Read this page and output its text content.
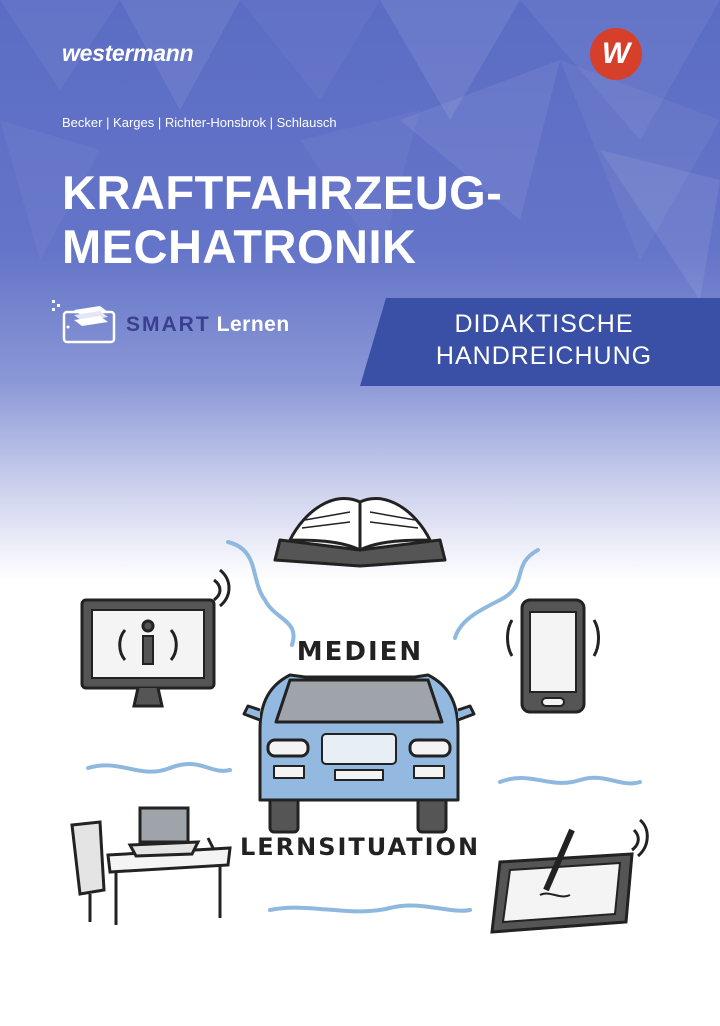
westermann	W
Becker | Karges | Richter-Honsbrok | Schlausch
KRAFTFAHRZEUG-
MECHATRONIK
SMART Lernen	DIDAKTISCHE
HANDREICHUNG
MEDIEN
LERNSITUATION
